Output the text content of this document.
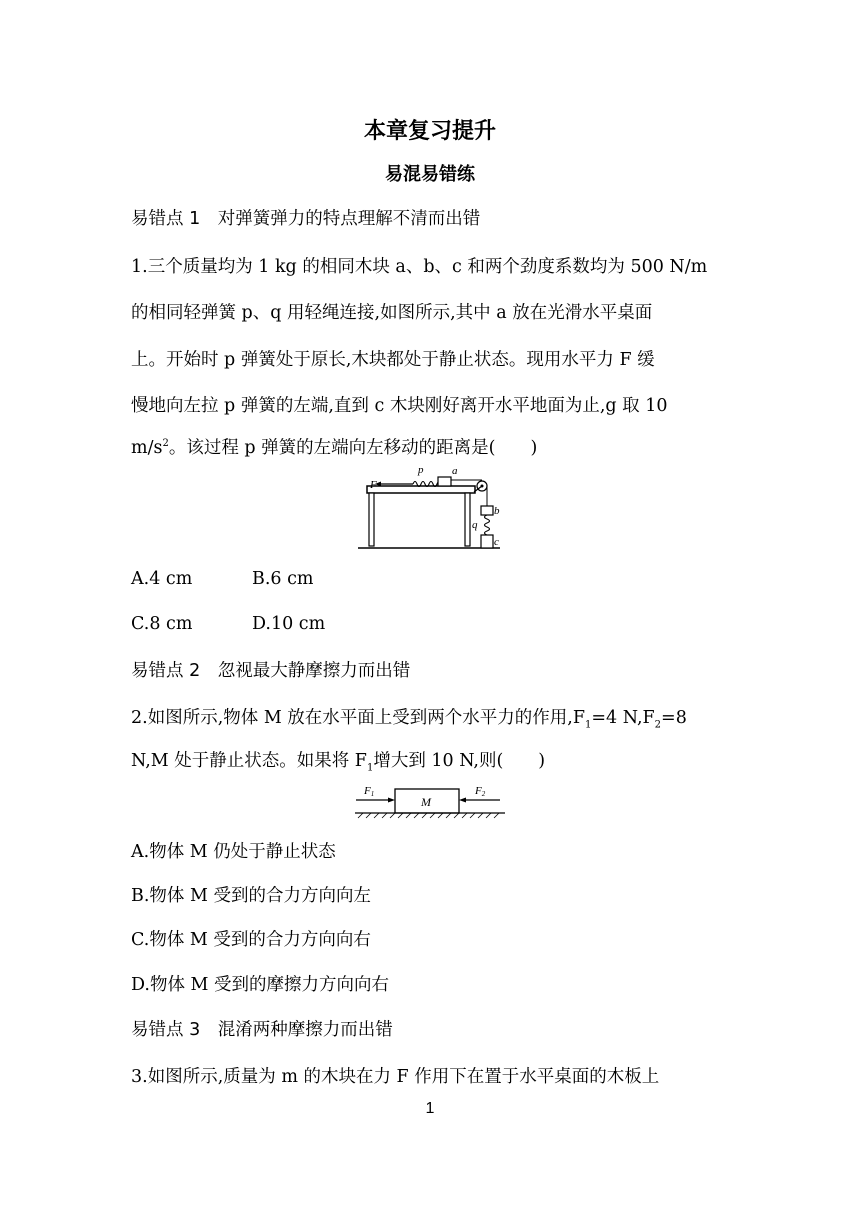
本章复习提升
易混易错练
易错点 1　对弹簧弹力的特点理解不清而出错
1.三个质量均为 1 kg 的相同木块 a、b、c 和两个劲度系数均为 500 N/m
的相同轻弹簧 p、q 用轻绳连接,如图所示,其中 a 放在光滑水平桌面
上。开始时 p 弹簧处于原长,木块都处于静止状态。现用水平力 F 缓
慢地向左拉 p 弹簧的左端,直到 c 木块刚好离开水平地面为止,g 取 10
$m/s^2$。该过程 p 弹簧的左端向左移动的距离是(　　)
F
p	a
b
q
c
A.4 cm	B.6 cm
C.8 cm	D.10 cm
易错点 2　忽视最大静摩擦力而出错
2.如图所示,物体 M 放在水平面上受到两个水平力的作用$,F_1=4$ $N,F_2=8$
N,M 处于静止状态。如果将 $F_1$增大到 10 N,则(　　)
F1
M
F2
A.物体 M 仍处于静止状态
B.物体 M 受到的合力方向向左
C.物体 M 受到的合力方向向右
D.物体 M 受到的摩擦力方向向右
易错点 3　混淆两种摩擦力而出错
3.如图所示,质量为 m 的木块在力 F 作用下在置于水平桌面的木板上
1
